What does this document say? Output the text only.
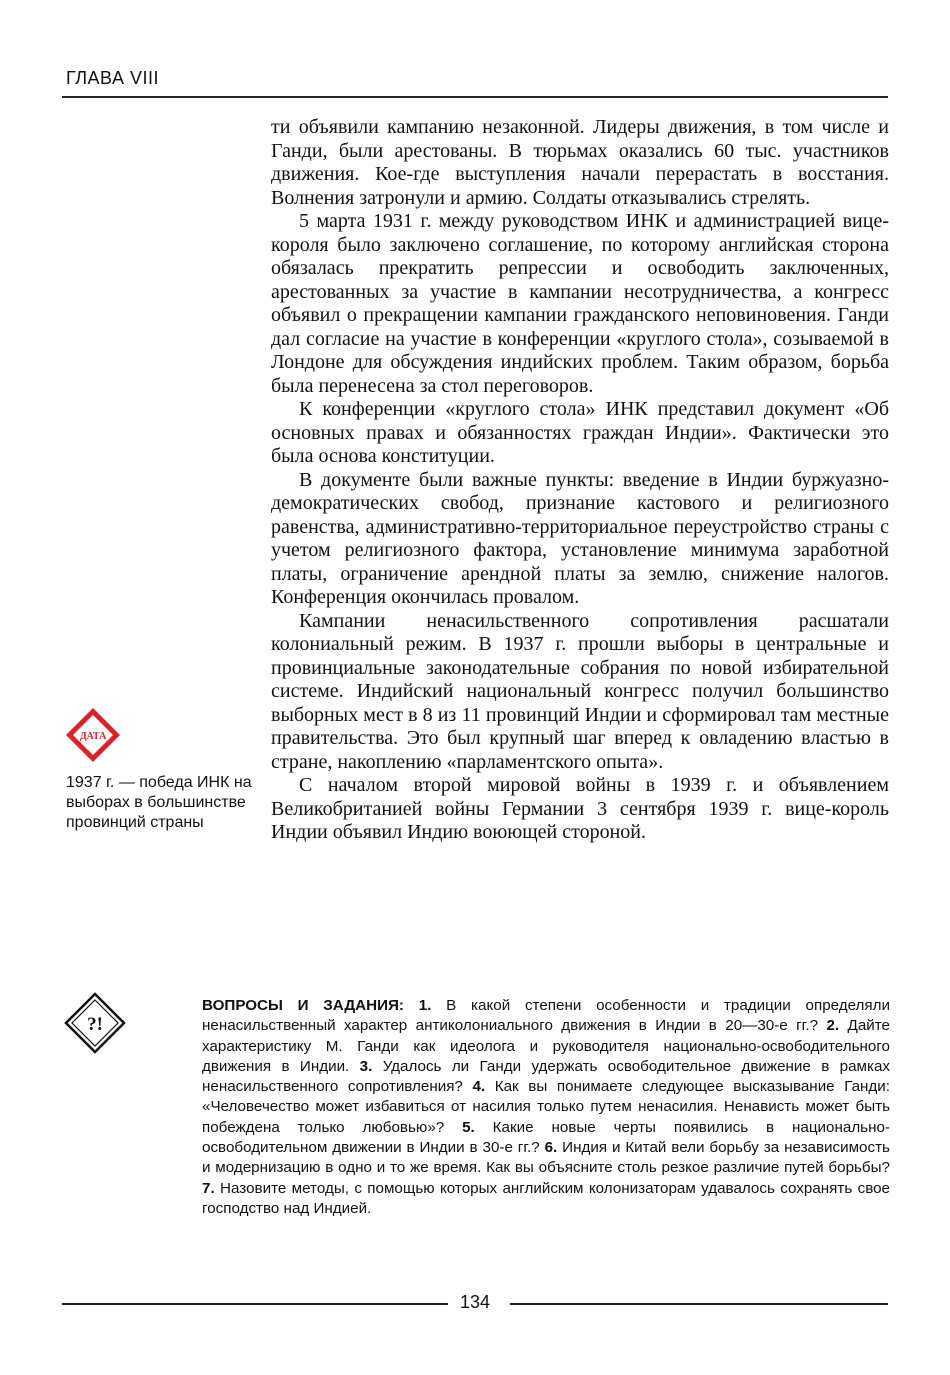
ГЛАВА VIII

ти объявили кампанию незаконной. Лидеры движения, в том числе и Ганди, были арестованы. В тюрьмах оказались 60 тыс. участников движения. Кое-где выступления начали перерастать в восстания. Волнения затронули и армию. Солдаты отказывались стрелять.

5 марта 1931 г. между руководством ИНК и администрацией вице-короля было заключено соглашение, по которому английская сторона обязалась прекратить репрессии и освободить заключенных, арестованных за участие в кампании несотрудничества, а конгресс объявил о прекращении кампании гражданского неповиновения. Ганди дал согласие на участие в конференции «круглого стола», созываемой в Лондоне для обсуждения индийских проблем. Таким образом, борьба была перенесена за стол переговоров.

К конференции «круглого стола» ИНК представил документ «Об основных правах и обязанностях граждан Индии». Фактически это была основа конституции.

В документе были важные пункты: введение в Индии буржуазно-демократических свобод, признание кастового и религиозного равенства, административно-территориальное переустройство страны с учетом религиозного фактора, установление минимума заработной платы, ограничение арендной платы за землю, снижение налогов. Конференция окончилась провалом.

Кампании ненасильственного сопротивления расшатали колониальный режим. В 1937 г. прошли выборы в центральные и провинциальные законодательные собрания по новой избирательной системе. Индийский национальный конгресс получил большинство выборных мест в 8 из 11 провинций Индии и сформировал там местные правительства. Это был крупный шаг вперед к овладению властью в стране, накоплению «парламентского опыта».

С началом второй мировой войны в 1939 г. и объявлением Великобританией войны Германии 3 сентября 1939 г. вице-король Индии объявил Индию воюющей стороной.

ДАТА
1937 г. — победа ИНК на выборах в большинстве провинций страны
?!
ВОПРОСЫ И ЗАДАНИЯ: 1. В какой степени особенности и традиции определяли ненасильственный характер антиколониального движения в Индии в 20—30-е гг.? 2. Дайте характеристику М. Ганди как идеолога и руководителя национально-освободительного движения в Индии. 3. Удалось ли Ганди удержать освободительное движение в рамках ненасильственного сопротивления? 4. Как вы понимаете следующее высказывание Ганди: «Человечество может избавиться от насилия только путем ненасилия. Ненависть может быть побеждена только любовью»? 5. Какие новые черты появились в национально-освободительном движении в Индии в 30-е гг.? 6. Индия и Китай вели борьбу за независимость и модернизацию в одно и то же время. Как вы объясните столь резкое различие путей борьбы? 7. Назовите методы, с помощью которых английским колонизаторам удавалось сохранять свое господство над Индией.
134
